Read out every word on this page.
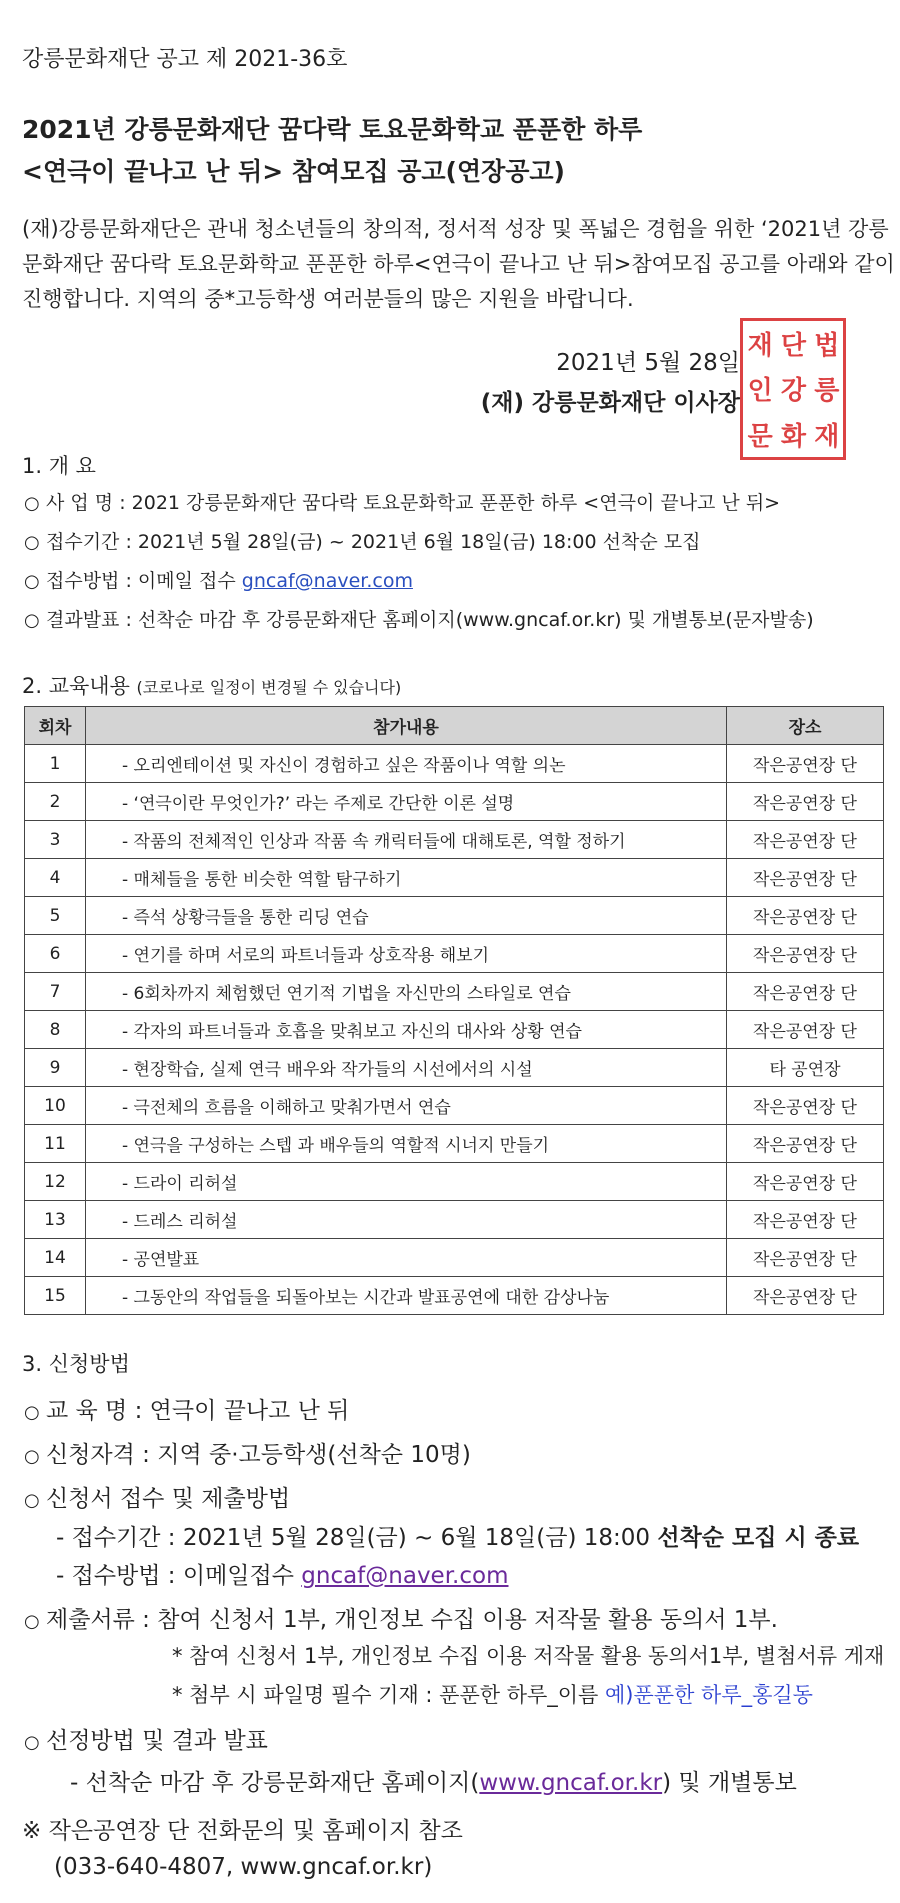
강릉문화재단 공고 제 2021-36호
2021년 강릉문화재단 꿈다락 토요문화학교 푼푼한 하루
<연극이 끝나고 난 뒤> 참여모집 공고(연장공고)
(재)강릉문화재단은 관내 청소년들의 창의적, 정서적 성장 및 폭넓은 경험을 위한 ‘2021년 강릉문화재단 꿈다락 토요문화학교 푼푼한 하루<연극이 끝나고 난 뒤>참여모집 공고를 아래와 같이 진행합니다. 지역의 중*고등학생 여러분들의 많은 지원을 바랍니다.
2021년 5월 28일
(재) 강릉문화재단 이사장
재 단 법
인 강 릉
문 화 재
1. 개 요
○ 사 업 명 : 2021 강릉문화재단 꿈다락 토요문화학교 푼푼한 하루 <연극이 끝나고 난 뒤>
○ 접수기간 : 2021년 5월 28일(금) ~ 2021년 6월 18일(금) 18:00 선착순 모집
○ 접수방법 : 이메일 접수 gncaf@naver.com
○ 결과발표 : 선착순 마감 후 강릉문화재단 홈페이지(www.gncaf.or.kr) 및 개별통보(문자발송)
2. 교육내용 (코로나로 일정이 변경될 수 있습니다)
회차	참가내용	장소
1	- 오리엔테이션 및 자신이 경험하고 싶은 작품이나 역할 의논	작은공연장 단
2	- ‘연극이란 무엇인가?’ 라는 주제로 간단한 이론 설명	작은공연장 단
3	- 작품의 전체적인 인상과 작품 속 캐릭터들에 대해토론, 역할 정하기	작은공연장 단
4	- 매체들을 통한 비슷한 역할 탐구하기	작은공연장 단
5	- 즉석 상황극들을 통한 리딩 연습	작은공연장 단
6	- 연기를 하며 서로의 파트너들과 상호작용 해보기	작은공연장 단
7	- 6회차까지 체험했던 연기적 기법을 자신만의 스타일로 연습	작은공연장 단
8	- 각자의 파트너들과 호흡을 맞춰보고 자신의 대사와 상황 연습	작은공연장 단
9	- 현장학습, 실제 연극 배우와 작가들의 시선에서의 시설	타 공연장
10	- 극전체의 흐름을 이해하고 맞춰가면서 연습	작은공연장 단
11	- 연극을 구성하는 스텝 과 배우들의 역할적 시너지 만들기	작은공연장 단
12	- 드라이 리허설	작은공연장 단
13	- 드레스 리허설	작은공연장 단
14	- 공연발표	작은공연장 단
15	- 그동안의 작업들을 되돌아보는 시간과 발표공연에 대한 감상나눔	작은공연장 단
3. 신청방법
○ 교 육 명 : 연극이 끝나고 난 뒤
○ 신청자격 : 지역 중·고등학생(선착순 10명)
○ 신청서 접수 및 제출방법
- 접수기간 : 2021년 5월 28일(금) ~ 6월 18일(금) 18:00 선착순 모집 시 종료
- 접수방법 : 이메일접수 gncaf@naver.com
○ 제출서류 : 참여 신청서 1부, 개인정보 수집 이용 저작물 활용 동의서 1부.
* 참여 신청서 1부, 개인정보 수집 이용 저작물 활용 동의서1부, 별첨서류 게재
* 첨부 시 파일명 필수 기재 : 푼푼한 하루_이름 예)푼푼한 하루_홍길동
○ 선정방법 및 결과 발표
- 선착순 마감 후 강릉문화재단 홈페이지(www.gncaf.or.kr) 및 개별통보
※ 작은공연장 단 전화문의 및 홈페이지 참조
(033-640-4807, www.gncaf.or.kr)
